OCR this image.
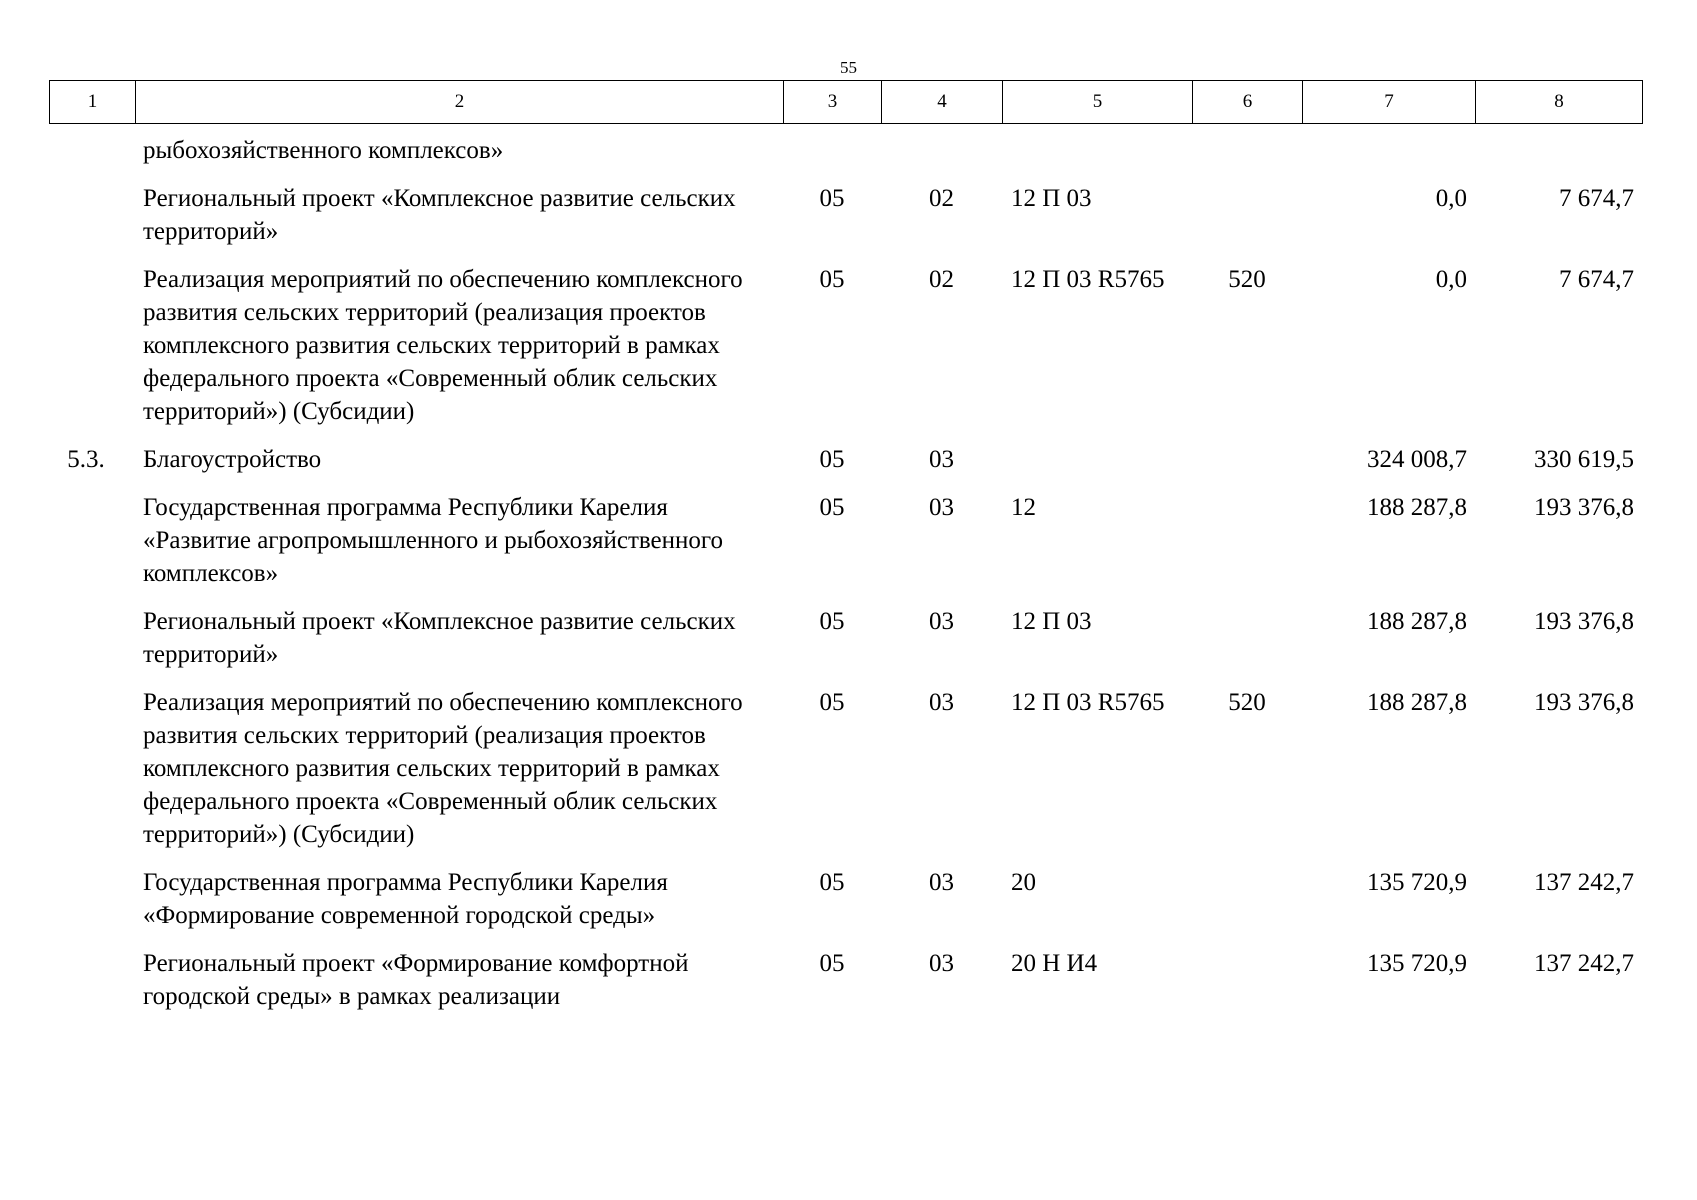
55
1	2	3	4	5	6	7	8
	рыбохозяйственного комплексов»						
	Региональный проект «Комплексное развитие сельских территорий»	05	02	12 П 03		0,0	7 674,7
	Реализация мероприятий по обеспечению комплексного развития сельских территорий (реализация проектов комплексного развития сельских территорий в рамках федерального проекта «Современный облик сельских территорий») (Субсидии)	05	02	12 П 03 R5765	520	0,0	7 674,7
5.3.	Благоустройство	05	03			324 008,7	330 619,5
	Государственная программа Республики Карелия «Развитие агропромышленного и рыбохозяйственного комплексов»	05	03	12		188 287,8	193 376,8
	Региональный проект «Комплексное развитие сельских территорий»	05	03	12 П 03		188 287,8	193 376,8
	Реализация мероприятий по обеспечению комплексного развития сельских территорий (реализация проектов комплексного развития сельских территорий в рамках федерального проекта «Современный облик сельских территорий») (Субсидии)	05	03	12 П 03 R5765	520	188 287,8	193 376,8
	Государственная программа Республики Карелия «Формирование современной городской среды»	05	03	20		135 720,9	137 242,7
	Региональный проект «Формирование комфортной городской среды» в рамках реализации	05	03	20 Н И4		135 720,9	137 242,7
